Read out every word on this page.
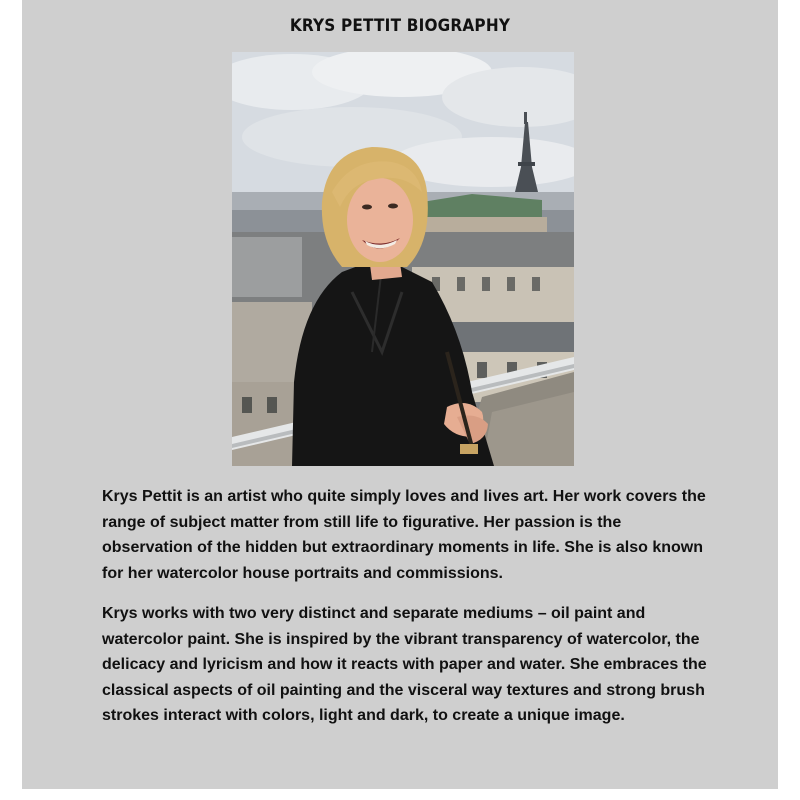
KRYS PETTIT BIOGRAPHY

Krys Pettit is an artist who quite simply loves and lives art. Her work covers the range of subject matter from still life to figurative. Her passion is the observation of the hidden but extraordinary moments in life. She is also known for her watercolor house portraits and commissions.

Krys works with two very distinct and separate mediums – oil paint and watercolor paint. She is inspired by the vibrant transparency of watercolor, the delicacy and lyricism and how it reacts with paper and water. She embraces the classical aspects of oil painting and the visceral way textures and strong brush strokes interact with colors, light and dark, to create a unique image.
